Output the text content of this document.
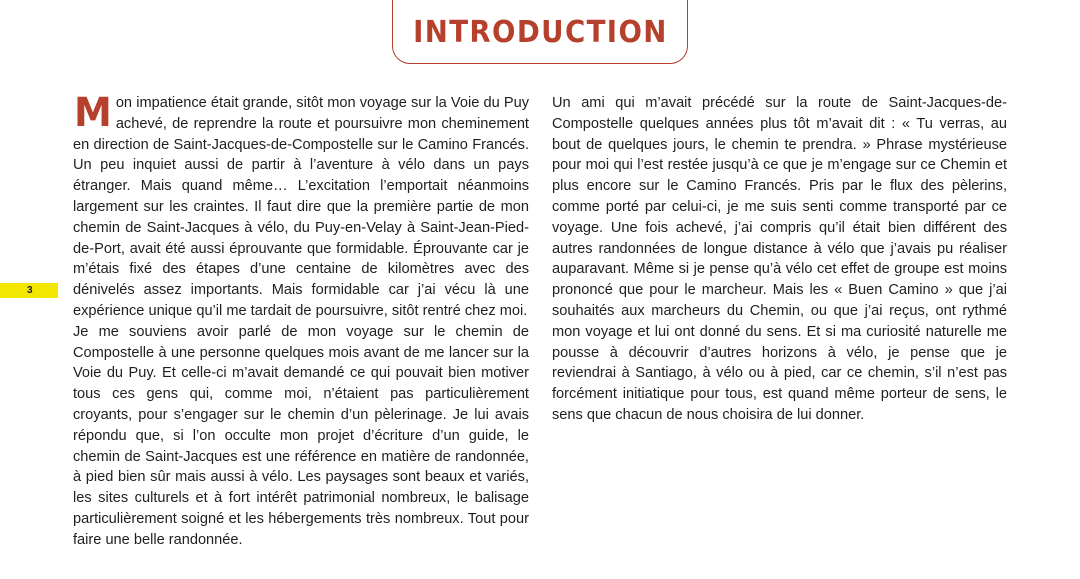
INTRODUCTION
3

Mon impatience était grande, sitôt mon voyage sur la Voie du Puy achevé, de reprendre la route et poursuivre mon cheminement en direction de Saint-Jacques-de-Compostelle sur le Camino Francés. Un peu inquiet aussi de partir à l’aventure à vélo dans un pays étranger. Mais quand même… L’excitation l’emportait néanmoins largement sur les craintes. Il faut dire que la première partie de mon chemin de Saint-Jacques à vélo, du Puy-en-Velay à Saint-Jean-Pied-de-Port, avait été aussi éprouvante que formidable. Éprouvante car je m’étais fixé des étapes d’une centaine de kilomètres avec des dénivelés assez importants. Mais formidable car j’ai vécu là une expérience unique qu’il me tardait de poursuivre, sitôt rentré chez moi.

Je me souviens avoir parlé de mon voyage sur le chemin de Compostelle à une personne quelques mois avant de me lancer sur la Voie du Puy. Et celle-ci m’avait demandé ce qui pouvait bien motiver tous ces gens qui, comme moi, n’étaient pas particulièrement croyants, pour s’engager sur le chemin d’un pèlerinage. Je lui avais répondu que, si l’on occulte mon projet d’écriture d’un guide, le chemin de Saint-Jacques est une référence en matière de randonnée, à pied bien sûr mais aussi à vélo. Les paysages sont beaux et variés, les sites culturels et à fort intérêt patrimonial nombreux, le balisage particulièrement soigné et les hébergements très nombreux. Tout pour faire une belle randonnée.

Un ami qui m’avait précédé sur la route de Saint-Jacques-de-Compostelle quelques années plus tôt m’avait dit : « Tu verras, au bout de quelques jours, le chemin te prendra. » Phrase mystérieuse pour moi qui l’est restée jusqu’à ce que je m’engage sur ce Chemin et plus encore sur le Camino Francés. Pris par le flux des pèlerins, comme porté par celui-ci, je me suis senti comme transporté par ce voyage. Une fois achevé, j’ai compris qu’il était bien différent des autres randonnées de longue distance à vélo que j’avais pu réaliser auparavant. Même si je pense qu’à vélo cet effet de groupe est moins prononcé que pour le marcheur. Mais les « Buen Camino » que j’ai souhaités aux marcheurs du Chemin, ou que j’ai reçus, ont rythmé mon voyage et lui ont donné du sens. Et si ma curiosité naturelle me pousse à découvrir d’autres horizons à vélo, je pense que je reviendrai à Santiago, à vélo ou à pied, car ce chemin, s’il n’est pas forcément initiatique pour tous, est quand même porteur de sens, le sens que chacun de nous choisira de lui donner.
